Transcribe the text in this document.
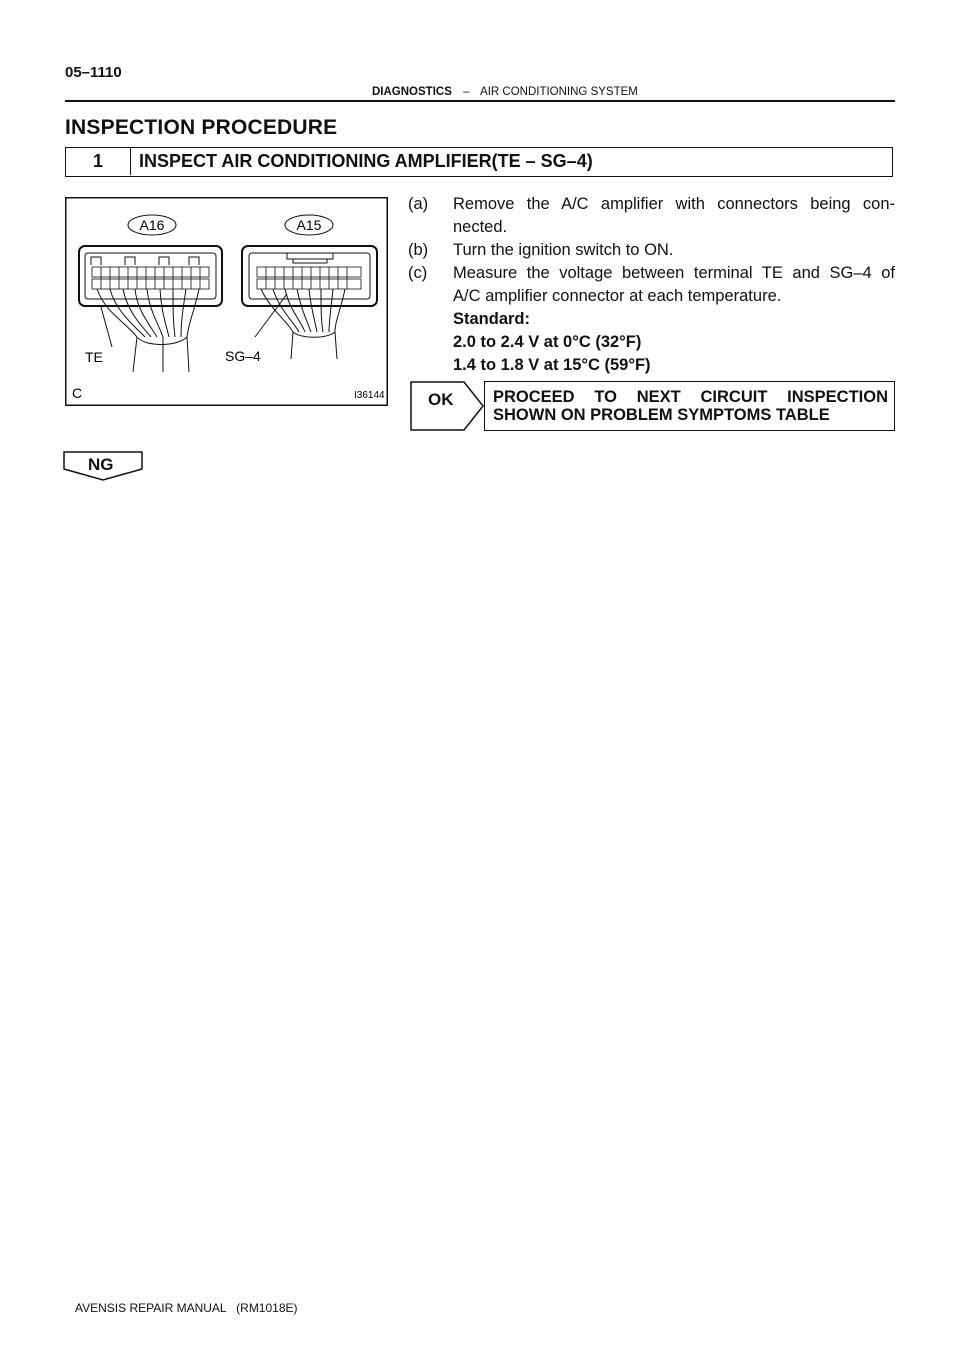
05–1110
DIAGNOSTICS – AIR CONDITIONING SYSTEM
INSPECTION PROCEDURE
1	INSPECT AIR CONDITIONING AMPLIFIER(TE – SG–4)
A16	A15
TE	SG–4
C	I36144
(a) Remove the A/C amplifier with connectors being con-
nected.
(b) Turn the ignition switch to ON.
(c) Measure the voltage between terminal TE and SG–4 of
A/C amplifier connector at each temperature.
Standard:
2.0 to 2.4 V at 0°C (32°F)
1.4 to 1.8 V at 15°C (59°F)
OK PROCEED TO NEXT CIRCUIT INSPECTION
SHOWN ON PROBLEM SYMPTOMS TABLE
NG
AVENSIS REPAIR MANUAL   (RM1018E)
